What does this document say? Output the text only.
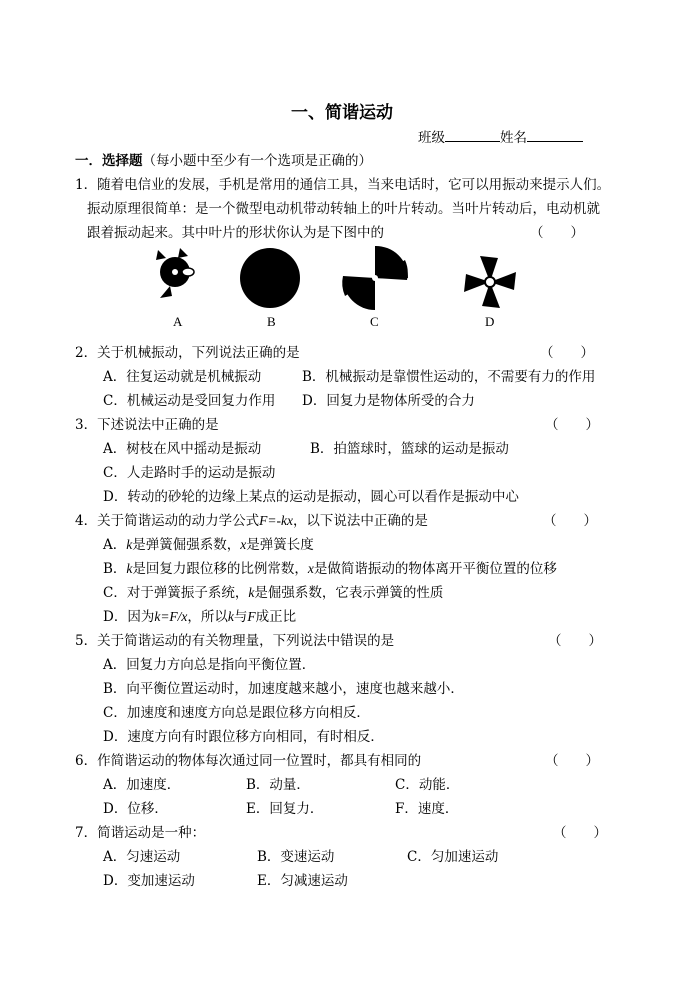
一、简谐运动
班级	姓名
一．选择题（每小题中至少有一个选项是正确的）
1．随着电信业的发展，手机是常用的通信工具，当来电话时，它可以用振动来提示人们。
振动原理很简单：是一个微型电动机带动转轴上的叶片转动。当叶片转动后，电动机就
跟着振动起来。其中叶片的形状你认为是下图中的	（　　）
A	B	C	D
2．关于机械振动，下列说法正确的是	（　　）
A．往复运动就是机械振动	B．机械振动是靠惯性运动的，不需要有力的作用
C．机械运动是受回复力作用 D．回复力是物体所受的合力
3．下述说法中正确的是	（　　）
A．树枝在风中摇动是振动	B．拍篮球时，篮球的运动是振动
C．人走路时手的运动是振动
D．转动的砂轮的边缘上某点的运动是振动，圆心可以看作是振动中心
4．关于简谐运动的动力学公式F=-kx，以下说法中正确的是	（　　）
A．k是弹簧倔强系数，x是弹簧长度
B．k是回复力跟位移的比例常数，x是做简谐振动的物体离开平衡位置的位移
C．对于弹簧振子系统，k是倔强系数，它表示弹簧的性质
D．因为k=F/x，所以k与F成正比
5．关于简谐运动的有关物理量，下列说法中错误的是	（　　）
A．回复力方向总是指向平衡位置．
B．向平衡位置运动时，加速度越来越小，速度也越来越小．
C．加速度和速度方向总是跟位移方向相反．
D．速度方向有时跟位移方向相同，有时相反．
6．作简谐运动的物体每次通过同一位置时，都具有相同的	（　　）
A．加速度．	B．动量．	C．动能．
D．位移．	E．回复力．	F．速度．
7．简谐运动是一种：	（　　）
A．匀速运动	B．变速运动	C．匀加速运动
D．变加速运动	E．匀减速运动
